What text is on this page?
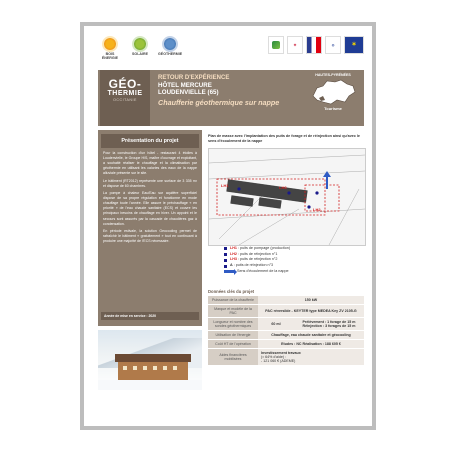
BOIS ÉNERGIE
SOLAIRE	GÉOTHERMIE
✚	◎	✶
GÉO-
THERMIE
OCCITANIE
RETOUR D'EXPÉRIENCE
HÔTEL MERCURE
LOUDENVIELLE (65)
Chaufferie géothermique sur nappe
HAUTES-PYRÉNÉES
Tourisme
Présentation du projet

Pour la construction d'un hôtel - restaurant 4 étoiles à Loudenvielle, le Groupe H/S, maître d'ouvrage et exploitant, a souhaité réaliser le chauffage et la climatisation par géothermie en utilisant les calories des eaux de la nappe alluviale présente sur le site.

Le bâtiment (RT2012) représente une surface de 3 335 m² et dispose de 60 chambres.

La pompe à chaleur Eau/Eau sur aquifère superficiel dispose de sa propre régulation et fonctionne en mode chauffage toute l'année. Elle assure le préchauffage « en priorité » de l'eau chaude sanitaire (ECS) et couvre les principaux besoins de chauffage en hiver. Un appoint et le secours sont assurés par la cascade de chaudières gaz à condensation.

En période estivale, la solution Geocooling permet de rafraîchir le bâtiment « gratuitement » tout en continuant à produire une majorité de l'ECS nécessaire.

Année de mise en service : 2020
Plan de masse avec l'implantation des puits de forage et de réinjection ainsi qu'avec le sens d'écoulement de la nappe
LH1
LH2
LH3
LH1 : puits de pompage (production)
LH2 : puits de réinjection n°1
LH3 : puits de réinjection n°2
A : puits de réinjection n°3
Sens d'écoulement de la nappe
Données clés du projet
Puissance de la chaufferie	150 kW	
Marque et modèle de la PAC	PAC réversible - KEYTER type MEDEA Key ZV 2105-G	
Longueur et nombre des sondes géothermiques	60 ml	Prélèvement : 1 forage de 15 m Réinjection : 3 forages de 15 m
Utilisation de l'énergie	Chauffage, eau chaude sanitaire et géocooling	
Coût HT de l'opération	Etudes : NC Réalisation : 188 605 €	
Aides financières mobilisées	Investissement travaux
(≈ 64% d'aide) :
- 121 060 € (ADEME)	
